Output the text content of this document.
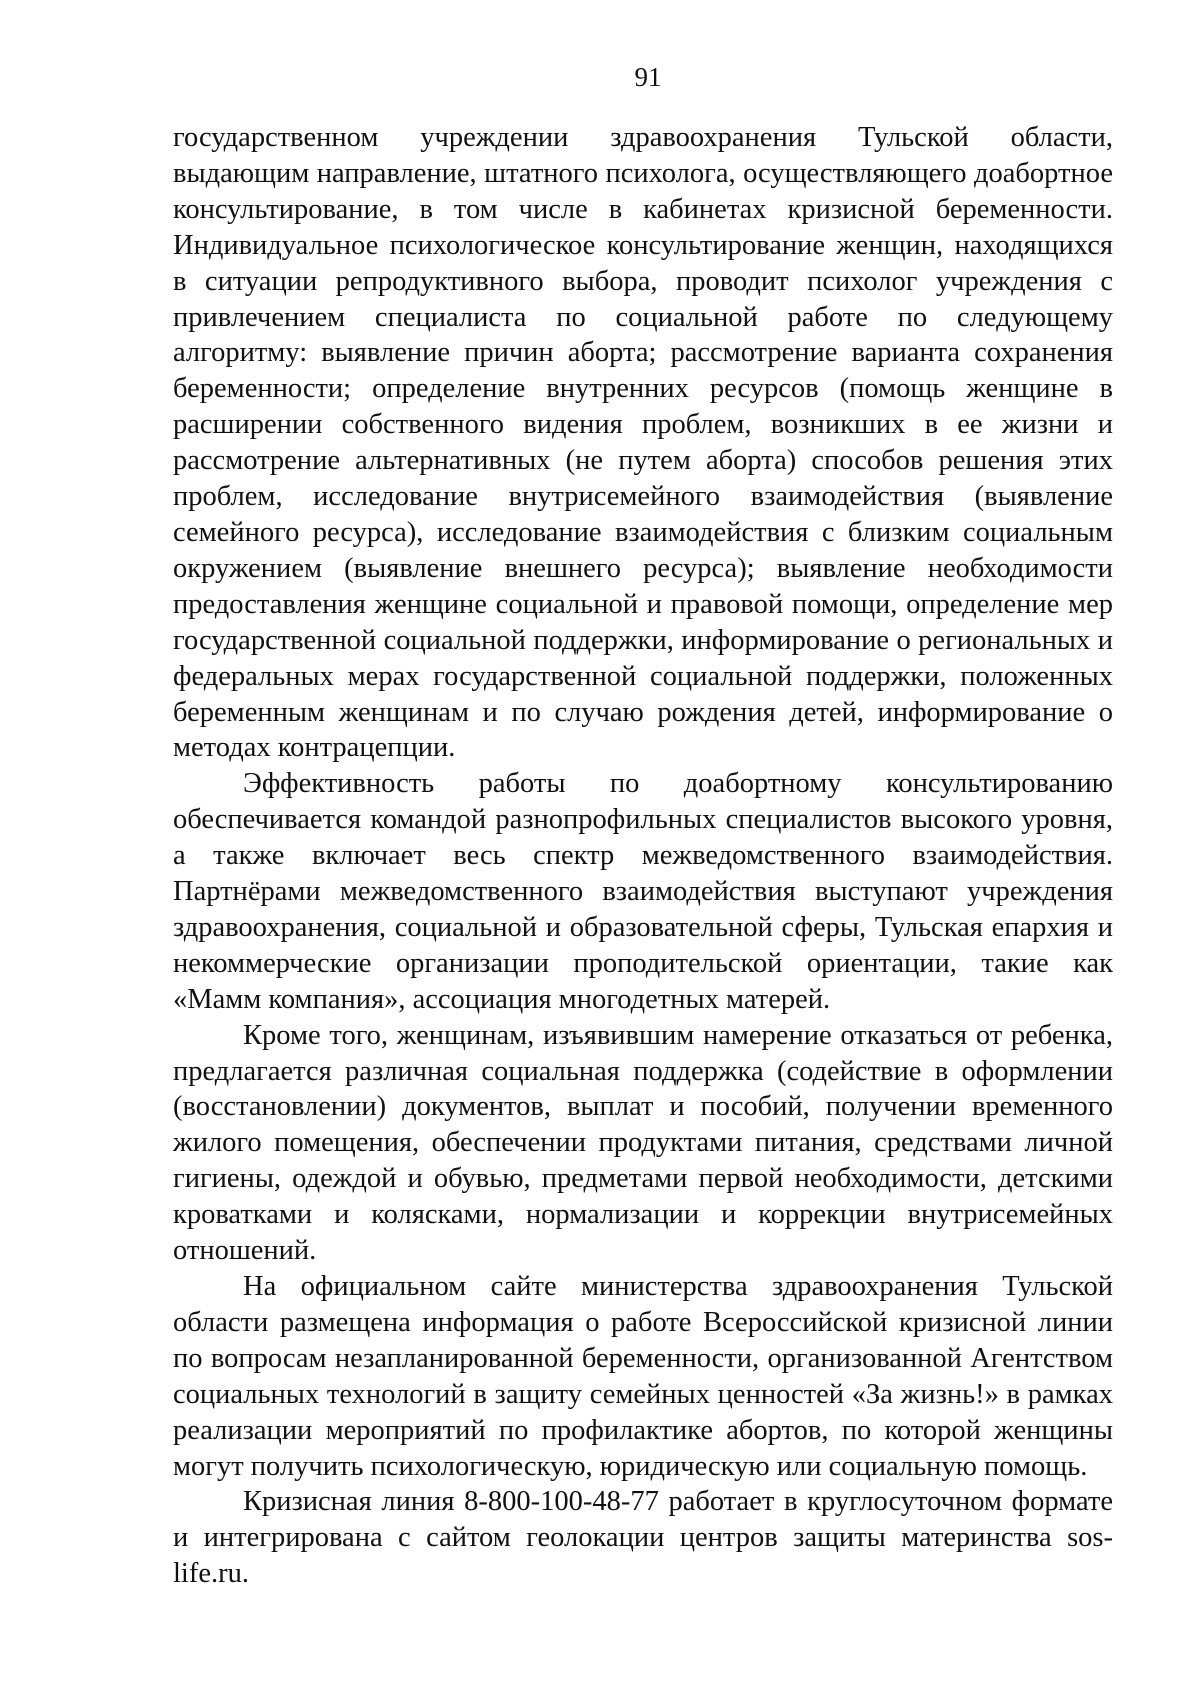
91

государственном учреждении здравоохранения Тульской области, выдающим направление, штатного психолога, осуществляющего доабортное консультирование, в том числе в кабинетах кризисной беременности. Индивидуальное психологическое консультирование женщин, находящихся в ситуации репродуктивного выбора, проводит психолог учреждения с привлечением специалиста по социальной работе по следующему алгоритму: выявление причин аборта; рассмотрение варианта сохранения беременности; определение внутренних ресурсов (помощь женщине в расширении собственного видения проблем, возникших в ее жизни и рассмотрение альтернативных (не путем аборта) способов решения этих проблем, исследование внутрисемейного взаимодействия (выявление семейного ресурса), исследование взаимодействия с близким социальным окружением (выявление внешнего ресурса); выявление необходимости предоставления женщине социальной и правовой помощи, определение мер государственной социальной поддержки, информирование о региональных и федеральных мерах государственной социальной поддержки, положенных беременным женщинам и по случаю рождения детей, информирование о методах контрацепции.

Эффективность работы по доабортному консультированию обеспечивается командой разнопрофильных специалистов высокого уровня, а также включает весь спектр межведомственного взаимодействия. Партнёрами межведомственного взаимодействия выступают учреждения здравоохранения, социальной и образовательной сферы, Тульская епархия и некоммерческие организации проподительской ориентации, такие как «Мамм компания», ассоциация многодетных матерей.

Кроме того, женщинам, изъявившим намерение отказаться от ребенка, предлагается различная социальная поддержка (содействие в оформлении (восстановлении) документов, выплат и пособий, получении временного жилого помещения, обеспечении продуктами питания, средствами личной гигиены, одеждой и обувью, предметами первой необходимости, детскими кроватками и колясками, нормализации и коррекции внутрисемейных отношений.

На официальном сайте министерства здравоохранения Тульской области размещена информация о работе Всероссийской кризисной линии по вопросам незапланированной беременности, организованной Агентством социальных технологий в защиту семейных ценностей «За жизнь!» в рамках реализации мероприятий по профилактике абортов, по которой женщины могут получить психологическую, юридическую или социальную помощь.

Кризисная линия 8-800-100-48-77 работает в круглосуточном формате и интегрирована с сайтом геолокации центров защиты материнства sos-life.ru.
